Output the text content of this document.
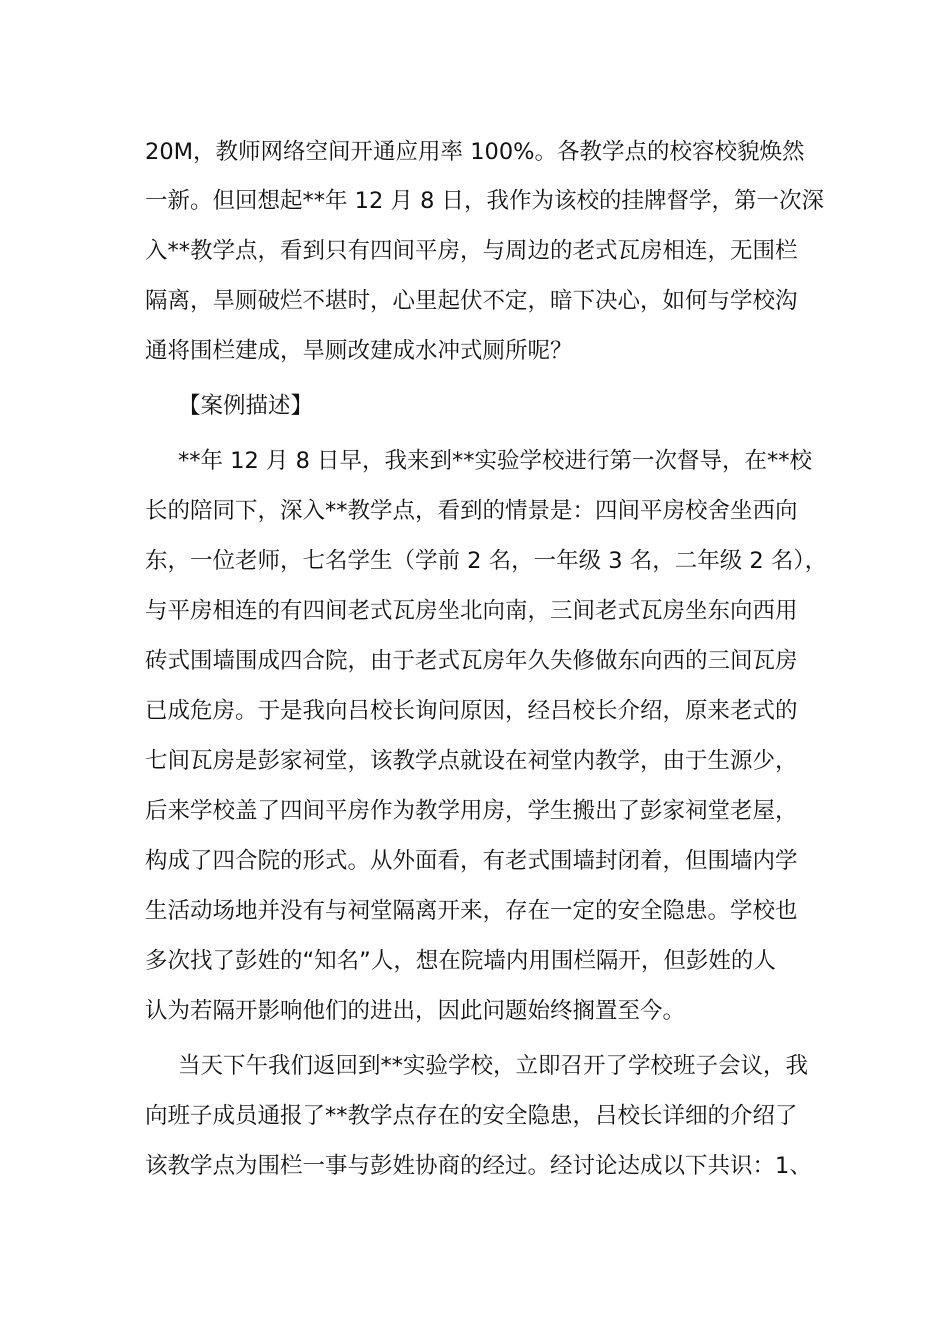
20M，教师网络空间开通应用率 100%。各教学点的校容校貌焕然
一新。但回想起**年 12 月 8 日，我作为该校的挂牌督学，第一次深
入**教学点，看到只有四间平房，与周边的老式瓦房相连，无围栏
隔离，旱厕破烂不堪时，心里起伏不定，暗下决心，如何与学校沟
通将围栏建成，旱厕改建成水冲式厕所呢？
【案例描述】
**年 12 月 8 日早，我来到**实验学校进行第一次督导，在**校
长的陪同下，深入**教学点，看到的情景是：四间平房校舍坐西向
东，一位老师，七名学生（学前 2 名，一年级 3 名，二年级 2 名），
与平房相连的有四间老式瓦房坐北向南，三间老式瓦房坐东向西用
砖式围墙围成四合院，由于老式瓦房年久失修做东向西的三间瓦房
已成危房。于是我向吕校长询问原因，经吕校长介绍，原来老式的
七间瓦房是彭家祠堂，该教学点就设在祠堂内教学，由于生源少，
后来学校盖了四间平房作为教学用房，学生搬出了彭家祠堂老屋，
构成了四合院的形式。从外面看，有老式围墙封闭着，但围墙内学
生活动场地并没有与祠堂隔离开来，存在一定的安全隐患。学校也
多次找了彭姓的“知名”人，想在院墙内用围栏隔开，但彭姓的人
认为若隔开影响他们的进出，因此问题始终搁置至今。
当天下午我们返回到**实验学校，立即召开了学校班子会议，我
向班子成员通报了**教学点存在的安全隐患，吕校长详细的介绍了
该教学点为围栏一事与彭姓协商的经过。经讨论达成以下共识：1、
